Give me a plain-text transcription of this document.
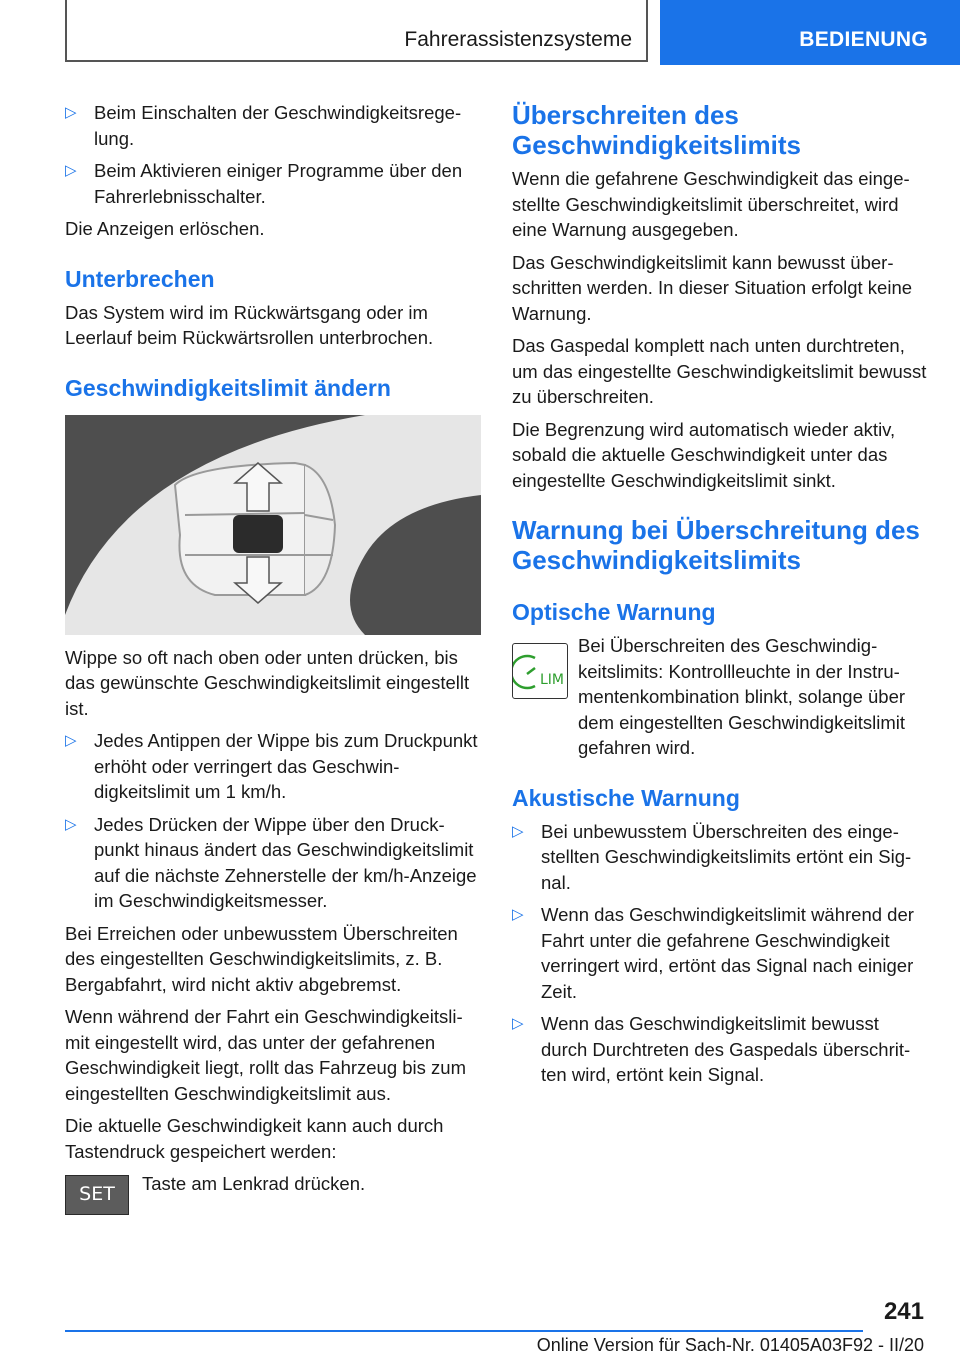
Fahrerassistenzsysteme	BEDIENUNG
▷ Beim Einschalten der Geschwindigkeitsregelung.
▷ Beim Aktivieren einiger Programme über den Fahrerlebnisschalter.

Die Anzeigen erlöschen.

Unterbrechen

Das System wird im Rückwärtsgang oder im Leerlauf beim Rückwärtsrollen unterbrochen.

Geschwindigkeitslimit ändern

Wippe so oft nach oben oder unten drücken, bis das gewünschte Geschwindigkeitslimit eingestellt ist.

▷ Jedes Antippen der Wippe bis zum Druckpunkt erhöht oder verringert das Geschwindigkeitslimit um 1 km/h.
▷ Jedes Drücken der Wippe über den Druckpunkt hinaus ändert das Geschwindigkeitslimit auf die nächste Zehnerstelle der km/h-Anzeige im Geschwindigkeitsmesser.

Bei Erreichen oder unbewusstem Überschreiten des eingestellten Geschwindigkeitslimits, z. B. Bergabfahrt, wird nicht aktiv abgebremst.

Wenn während der Fahrt ein Geschwindigkeitslimit eingestellt wird, das unter der gefahrenen Geschwindigkeit liegt, rollt das Fahrzeug bis zum eingestellten Geschwindigkeitslimit aus.

Die aktuelle Geschwindigkeit kann auch durch Tastendruck gespeichert werden:

SET	Taste am Lenkrad drücken.

Überschreiten des Geschwindigkeitslimits

Wenn die gefahrene Geschwindigkeit das eingestellte Geschwindigkeitslimit überschreitet, wird eine Warnung ausgegeben.

Das Geschwindigkeitslimit kann bewusst überschritten werden. In dieser Situation erfolgt keine Warnung.

Das Gaspedal komplett nach unten durchtreten, um das eingestellte Geschwindigkeitslimit bewusst zu überschreiten.

Die Begrenzung wird automatisch wieder aktiv, sobald die aktuelle Geschwindigkeit unter das eingestellte Geschwindigkeitslimit sinkt.

Warnung bei Überschreitung des Geschwindigkeitslimits
Optische Warnung
LIM
Bei Überschreiten des Geschwindigkeitslimits: Kontrollleuchte in der Instrumentenkombination blinkt, solange über dem eingestellten Geschwindigkeitslimit gefahren wird.
Akustische Warnung
▷ Bei unbewusstem Überschreiten des eingestellten Geschwindigkeitslimits ertönt ein Signal.
▷ Wenn das Geschwindigkeitslimit während der Fahrt unter die gefahrene Geschwindigkeit verringert wird, ertönt das Signal nach einiger Zeit.
▷ Wenn das Geschwindigkeitslimit bewusst durch Durchtreten des Gaspedals überschritten wird, ertönt kein Signal.
241
Online Version für Sach-Nr. 01405A03F92 - II/20
